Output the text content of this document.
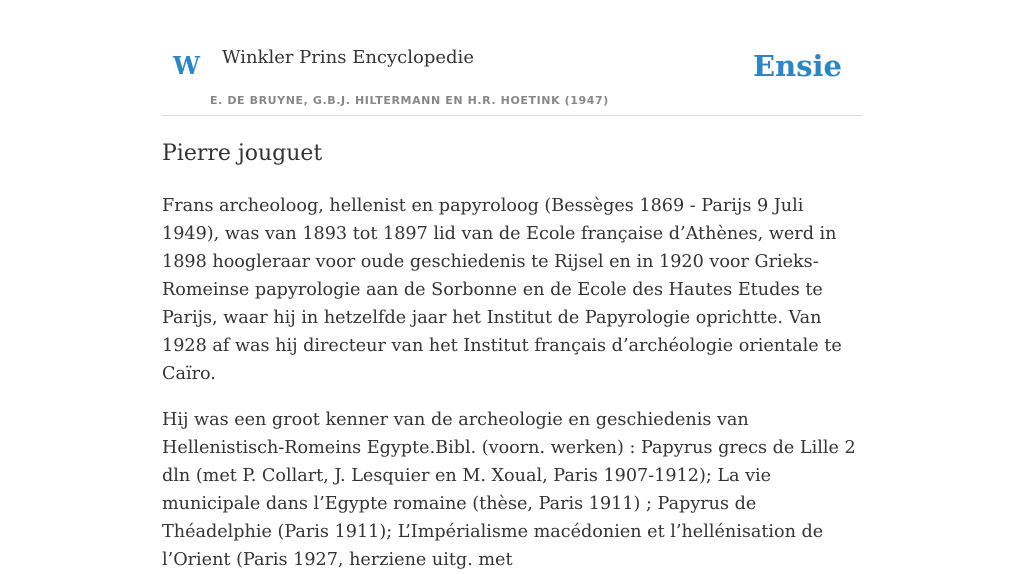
W Winkler Prins Encyclopedie
E. DE BRUYNE, G.B.J. HILTERMANN EN H.R. HOETINK (1947)
Ensie
Pierre jouguet

Frans archeoloog, hellenist en papyroloog (Bessèges 1869 - Parijs 9 Juli 1949), was van 1893 tot 1897 lid van de Ecole française d’Athènes, werd in 1898 hoogleraar voor oude geschiedenis te Rijsel en in 1920 voor Grieks-Romeinse papyrologie aan de Sorbonne en de Ecole des Hautes Etudes te Parijs, waar hij in hetzelfde jaar het Institut de Papyrologie oprichtte. Van 1928 af was hij directeur van het Institut français d’archéologie orientale te Caïro.

Hij was een groot kenner van de archeologie en geschiedenis van Hellenistisch-Romeins Egypte.Bibl. (voorn. werken) : Papyrus grecs de Lille 2 dln (met P. Collart, J. Lesquier en M. Xoual, Paris 1907-1912); La vie municipale dans l’Egypte romaine (thèse, Paris 1911) ; Papyrus de Théadelphie (Paris 1911); L’Impérialisme macédonien et l’hellénisation de l’Orient (Paris 1927, herziene uitg. met
